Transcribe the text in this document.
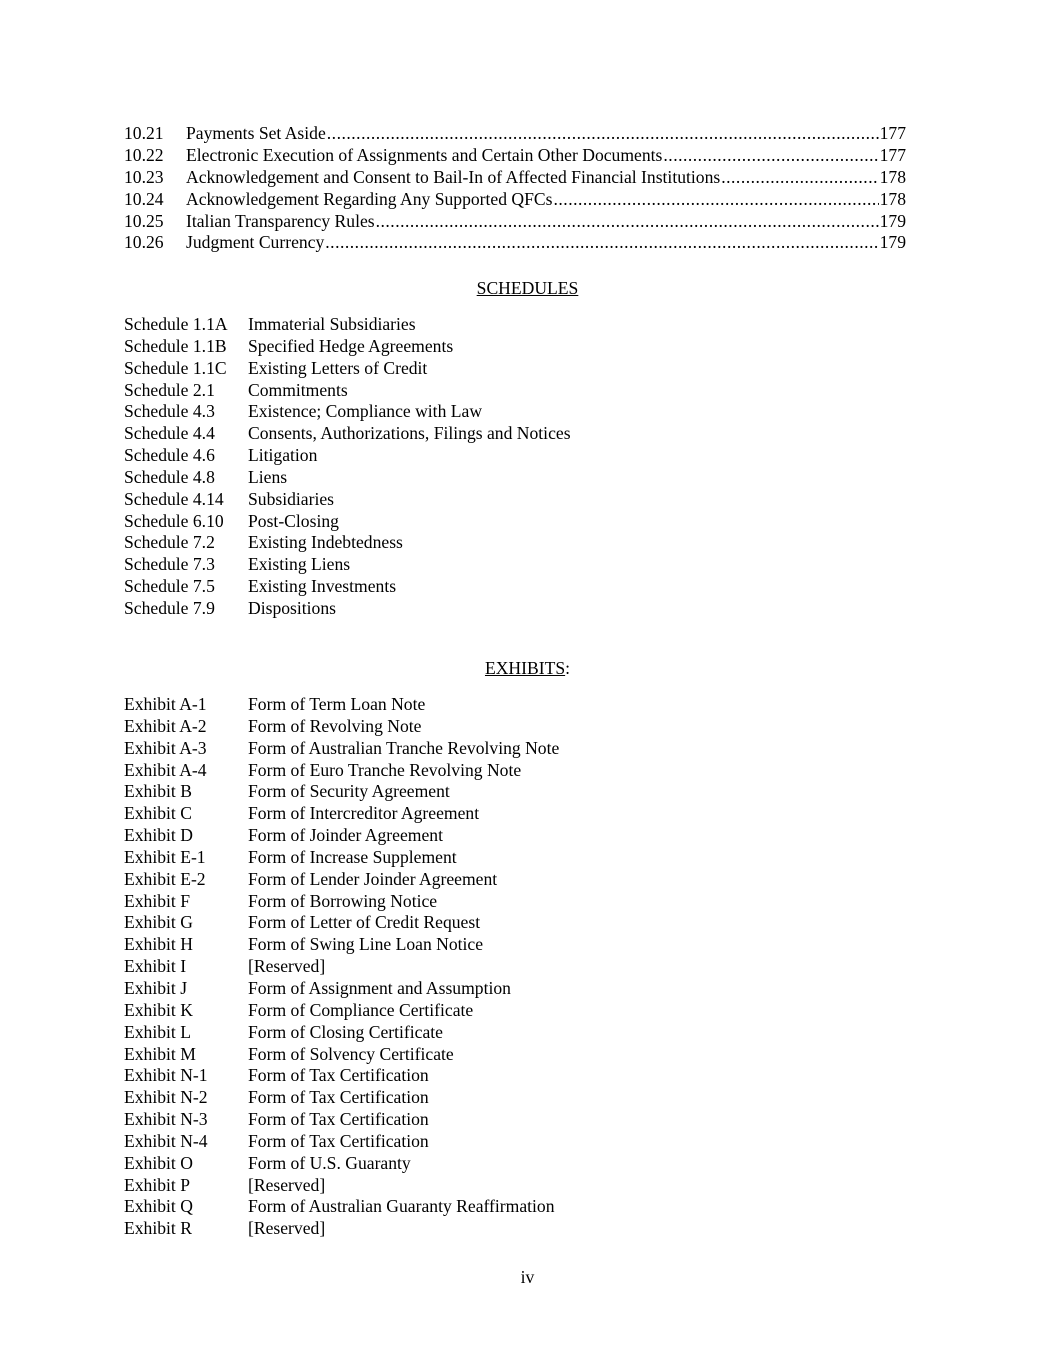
10.21	Payments Set Aside .....	177
10.22	Electronic Execution of Assignments and Certain Other Documents .....	177
10.23	Acknowledgement and Consent to Bail-In of Affected Financial Institutions .....	178
10.24	Acknowledgement Regarding Any Supported QFCs .....	178
10.25	Italian Transparency Rules .....	179
10.26	Judgment Currency .....	179
SCHEDULES
Schedule 1.1A	Immaterial Subsidiaries
Schedule 1.1B	Specified Hedge Agreements
Schedule 1.1C	Existing Letters of Credit
Schedule 2.1	Commitments
Schedule 4.3	Existence; Compliance with Law
Schedule 4.4	Consents, Authorizations, Filings and Notices
Schedule 4.6	Litigation
Schedule 4.8	Liens
Schedule 4.14	Subsidiaries
Schedule 6.10	Post-Closing
Schedule 7.2	Existing Indebtedness
Schedule 7.3	Existing Liens
Schedule 7.5	Existing Investments
Schedule 7.9	Dispositions
EXHIBITS:
Exhibit A-1	Form of Term Loan Note
Exhibit A-2	Form of Revolving Note
Exhibit A-3	Form of Australian Tranche Revolving Note
Exhibit A-4	Form of Euro Tranche Revolving Note
Exhibit B	Form of Security Agreement
Exhibit C	Form of Intercreditor Agreement
Exhibit D	Form of Joinder Agreement
Exhibit E-1	Form of Increase Supplement
Exhibit E-2	Form of Lender Joinder Agreement
Exhibit F	Form of Borrowing Notice
Exhibit G	Form of Letter of Credit Request
Exhibit H	Form of Swing Line Loan Notice
Exhibit I	[Reserved]
Exhibit J	Form of Assignment and Assumption
Exhibit K	Form of Compliance Certificate
Exhibit L	Form of Closing Certificate
Exhibit M	Form of Solvency Certificate
Exhibit N-1	Form of Tax Certification
Exhibit N-2	Form of Tax Certification
Exhibit N-3	Form of Tax Certification
Exhibit N-4	Form of Tax Certification
Exhibit O	Form of U.S. Guaranty
Exhibit P	[Reserved]
Exhibit Q	Form of Australian Guaranty Reaffirmation
Exhibit R	[Reserved]
iv
